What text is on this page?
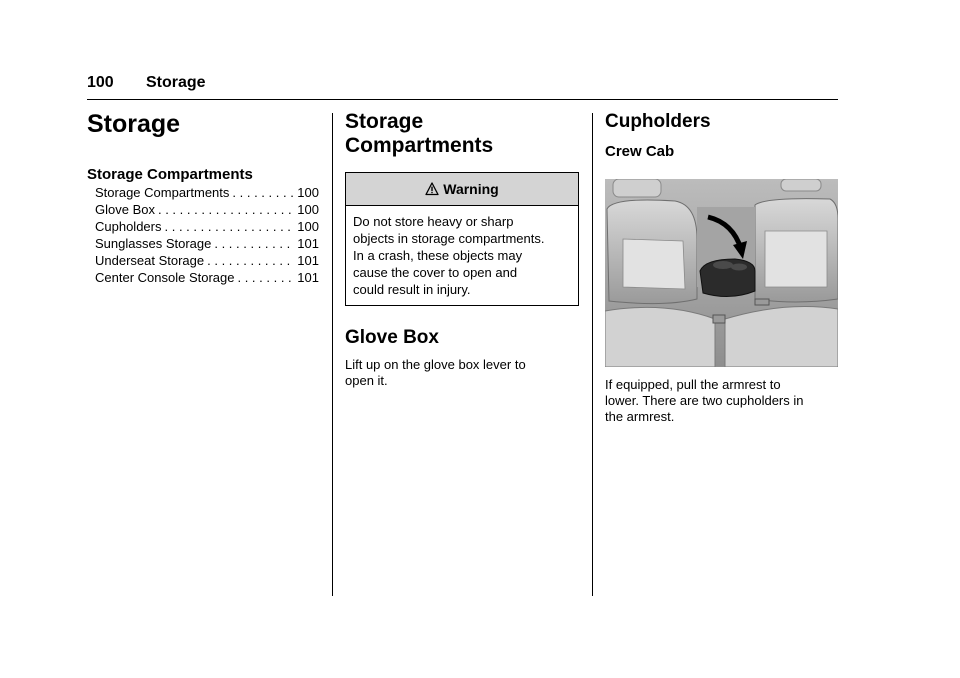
100 Storage
Storage
Storage Compartments
Storage Compartments . . .	100
Glove Box . . .	100
Cupholders . . .	100
Sunglasses Storage . . .	101
Underseat Storage . . .	101
Center Console Storage . . .	101
Storage
Compartments
Warning
Do not store heavy or sharp
objects in storage compartments.
In a crash, these objects may
cause the cover to open and
could result in injury.
Glove Box

Lift up on the glove box lever to
open it.

Cupholders
Crew Cab

If equipped, pull the armrest to
lower. There are two cupholders in
the armrest.
